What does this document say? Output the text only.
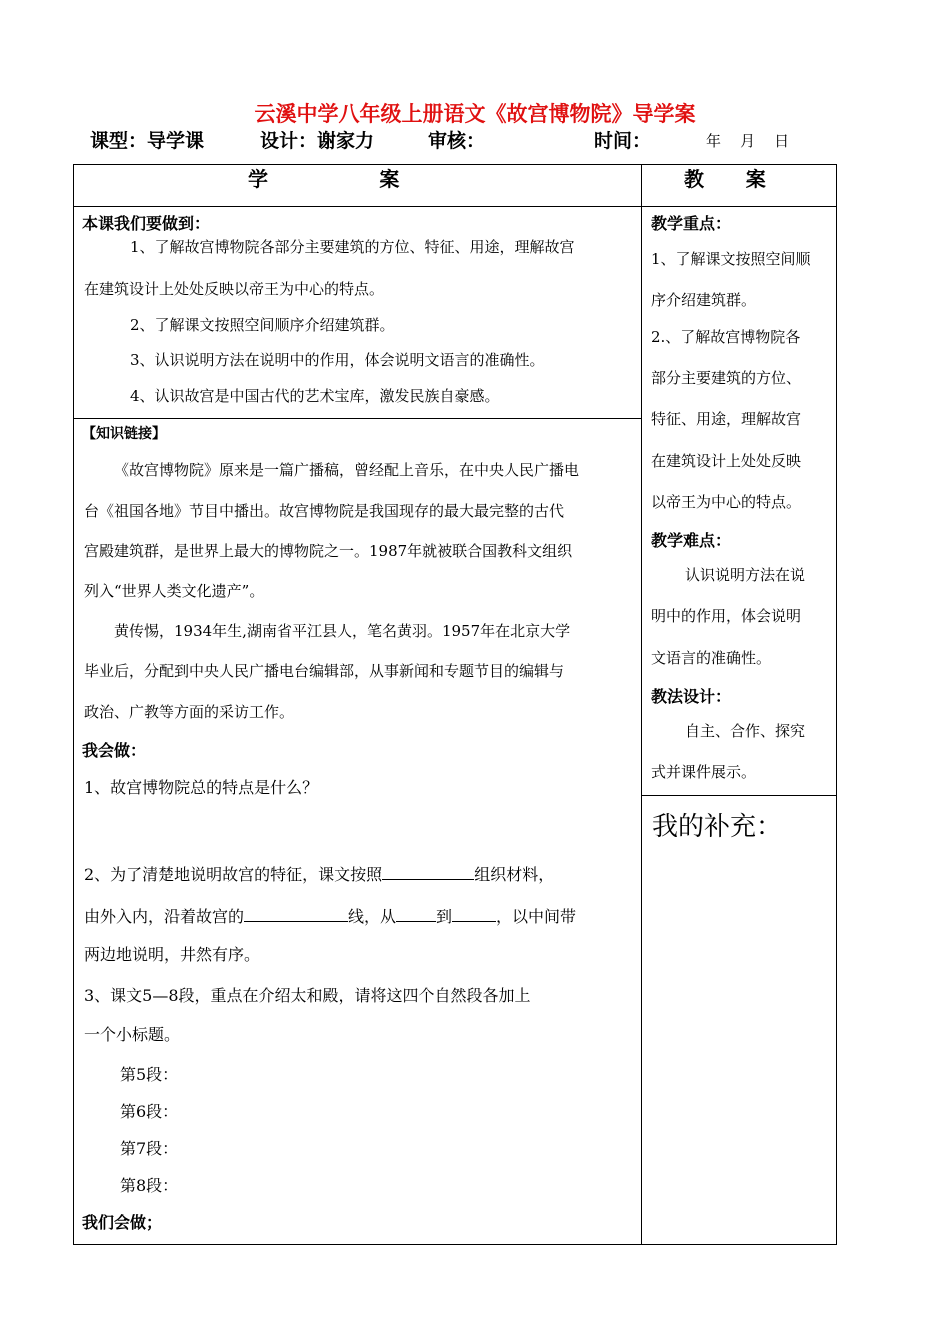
云溪中学八年级上册语文《故宫博物院》导学案
课型：导学课	设计：谢家力	审核：	时间：	年    月    日
学                案	教      案
本课我们要做到：
1、了解故宫博物院各部分主要建筑的方位、特征、用途，理解故宫
在建筑设计上处处反映以帝王为中心的特点。
2、了解课文按照空间顺序介绍建筑群。
3、认识说明方法在说明中的作用，体会说明文语言的准确性。
4、认识故宫是中国古代的艺术宝库，激发民族自豪感。
【知识链接】
《故宫博物院》原来是一篇广播稿，曾经配上音乐，在中央人民广播电
台《祖国各地》节目中播出。故宫博物院是我国现存的最大最完整的古代
宫殿建筑群，是世界上最大的博物院之一。1987年就被联合国教科文组织
列入“世界人类文化遗产”。
黄传惕，1934年生,湖南省平江县人，笔名黄羽。1957年在北京大学
毕业后，分配到中央人民广播电台编辑部，从事新闻和专题节目的编辑与
政治、广教等方面的采访工作。
我会做：
1、故宫博物院总的特点是什么？
2、为了清楚地说明故宫的特征，课文按照	组织材料，
由外入内，沿着故宫的	线，从	到	，以中间带
两边地说明，井然有序。
3、课文5—8段，重点在介绍太和殿，请将这四个自然段各加上
一个小标题。
第5段：
第6段：
第7段：
第8段：
我们会做；
教学重点：
1、了解课文按照空间顺
序介绍建筑群。
2.、了解故宫博物院各
部分主要建筑的方位、
特征、用途，理解故宫
在建筑设计上处处反映
以帝王为中心的特点。
教学难点：
认识说明方法在说
明中的作用，体会说明
文语言的准确性。
教法设计：
自主、合作、探究
式并课件展示。
我的补充：
